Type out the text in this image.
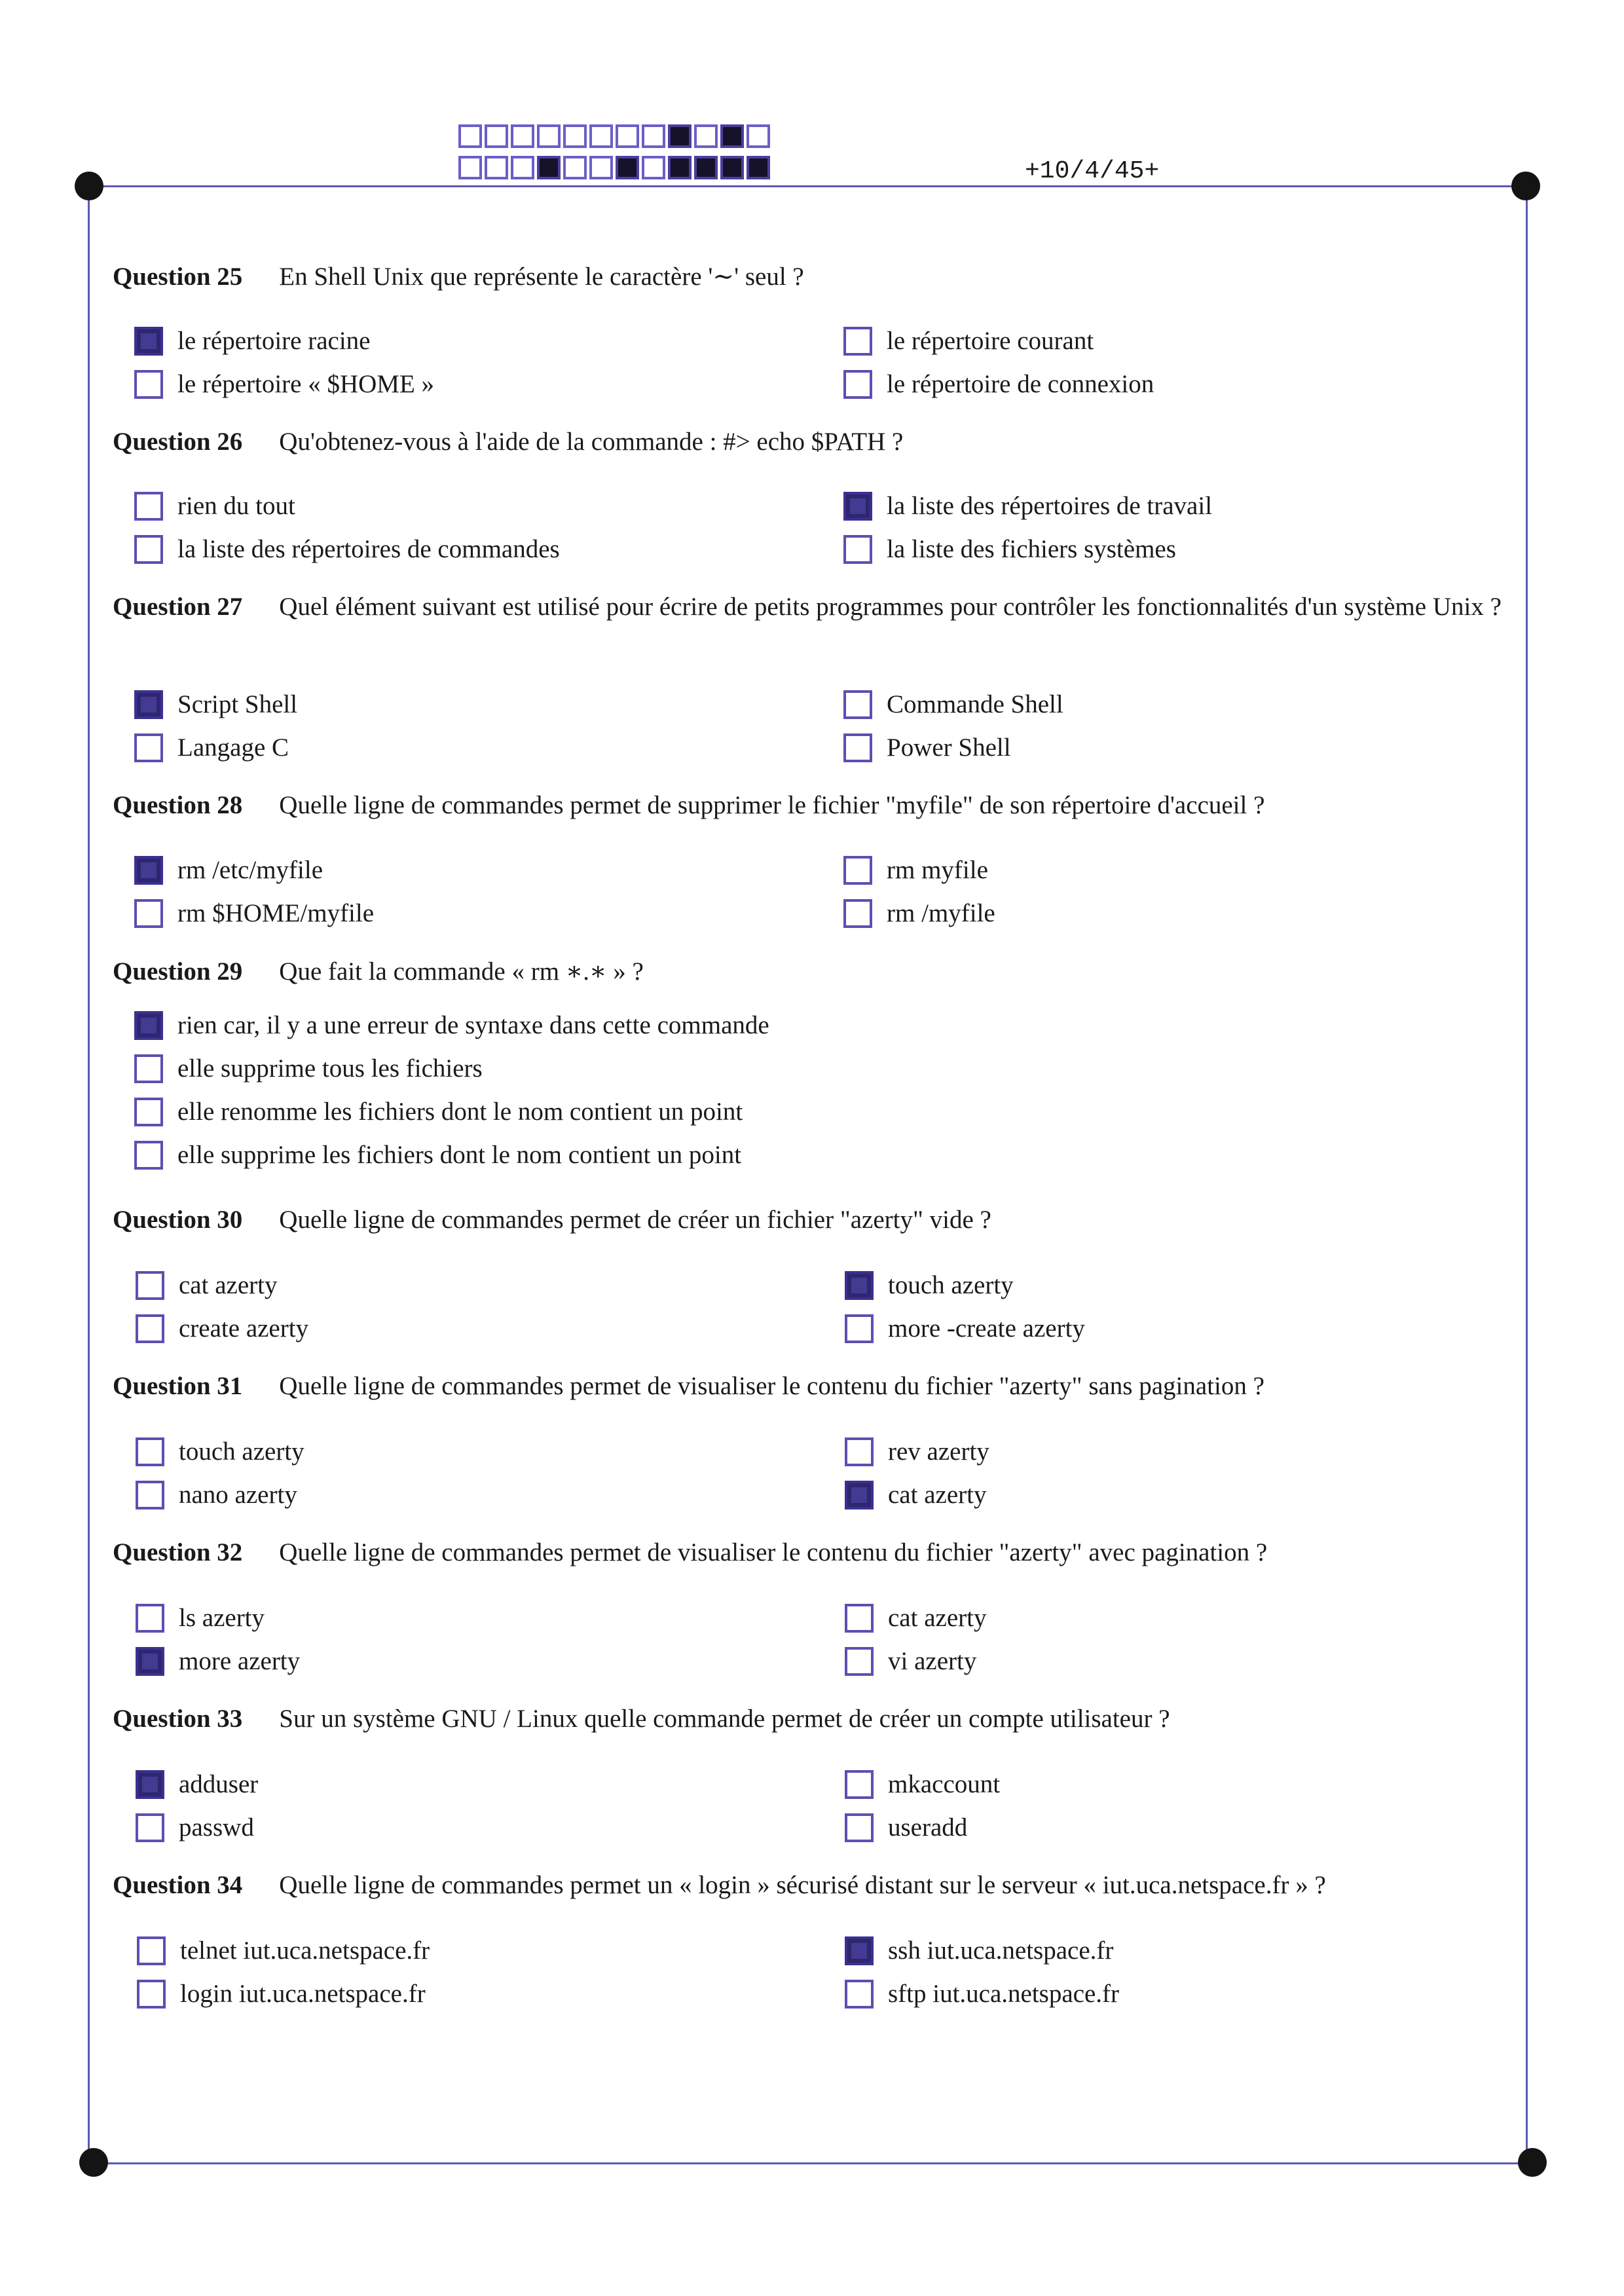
+10/4/45+
Question 25 En Shell Unix que représente le caractère '∼' seul ?
le répertoire racine	le répertoire courant
le répertoire « $HOME »	le répertoire de connexion
Question 26 Qu'obtenez-vous à l'aide de la commande : #> echo $PATH ?
rien du tout	la liste des répertoires de travail
la liste des répertoires de commandes	la liste des fichiers systèmes
Question 27 Quel élément suivant est utilisé pour écrire de petits programmes pour contrôler les fonctionnalités d'un système Unix ?
Script Shell	Commande Shell
Langage C	Power Shell
Question 28 Quelle ligne de commandes permet de supprimer le fichier "myfile" de son répertoire d'accueil ?
rm /etc/myfile	rm myfile
rm $HOME/myfile	rm /myfile
Question 29 Que fait la commande « rm ∗.∗ » ?
rien car, il y a une erreur de syntaxe dans cette commande
elle supprime tous les fichiers
elle renomme les fichiers dont le nom contient un point
elle supprime les fichiers dont le nom contient un point
Question 30 Quelle ligne de commandes permet de créer un fichier "azerty" vide ?
cat azerty	touch azerty
create azerty	more -create azerty
Question 31 Quelle ligne de commandes permet de visualiser le contenu du fichier "azerty" sans pagination ?
touch azerty	rev azerty
nano azerty	cat azerty
Question 32 Quelle ligne de commandes permet de visualiser le contenu du fichier "azerty" avec pagination ?
ls azerty	cat azerty
more azerty	vi azerty
Question 33 Sur un système GNU / Linux quelle commande permet de créer un compte utilisateur ?
adduser	mkaccount
passwd	useradd
Question 34 Quelle ligne de commandes permet un « login » sécurisé distant sur le serveur « iut.uca.netspace.fr » ?
telnet iut.uca.netspace.fr	ssh iut.uca.netspace.fr
login iut.uca.netspace.fr	sftp iut.uca.netspace.fr
